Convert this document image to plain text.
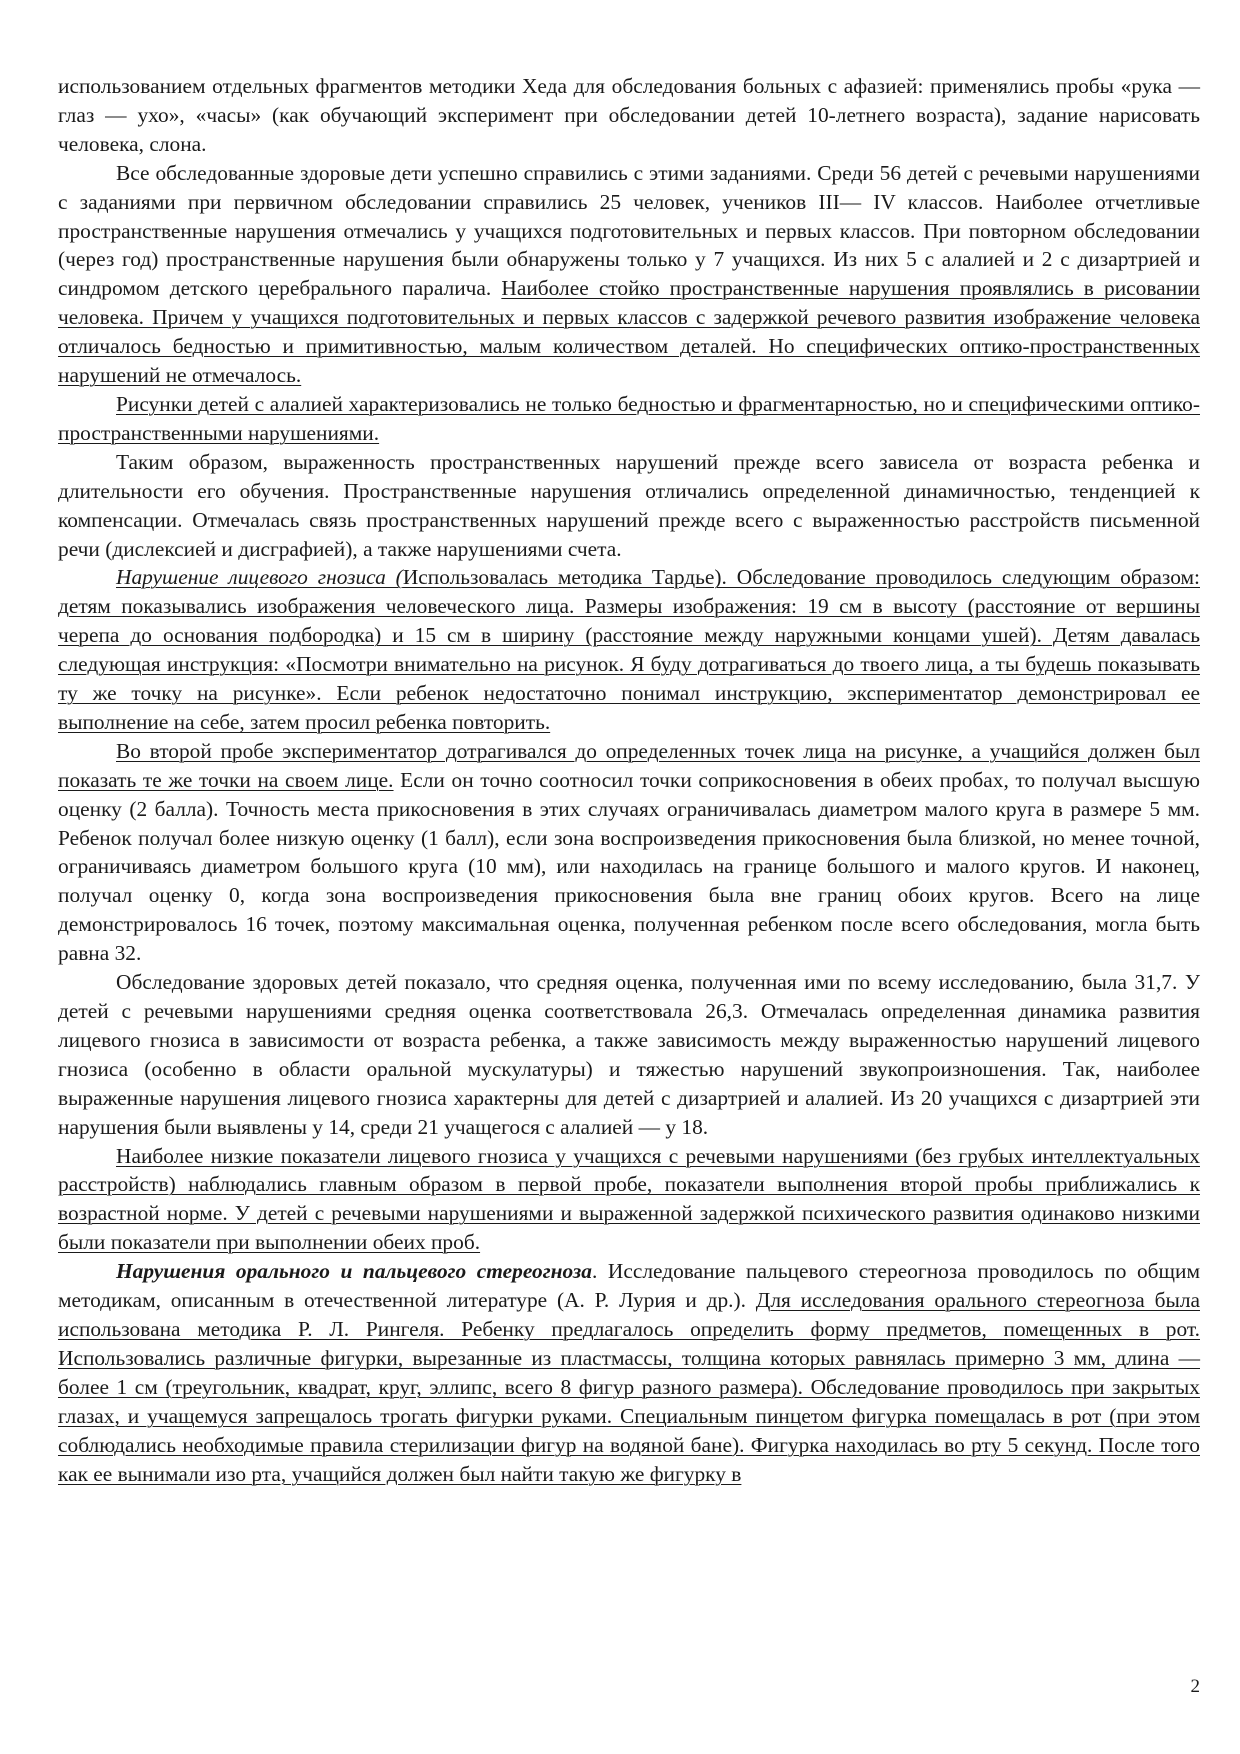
использованием отдельных фрагментов методики Хеда для обследования больных с афазией: применялись пробы «рука — глаз — ухо», «часы» (как обучающий эксперимент при обследовании детей 10-летнего возраста), задание нарисовать человека, слона.

Все обследованные здоровые дети успешно справились с этими заданиями. Среди 56 детей с речевыми нарушениями с заданиями при первичном обследовании справились 25 человек, учеников III— IV классов. Наиболее отчетливые пространственные нарушения отмечались у учащихся подготовительных и первых классов. При повторном обследовании (через год) пространственные нарушения были обнаружены только у 7 учащихся. Из них 5 с алалией и 2 с дизартрией и синдромом детского церебрального паралича. Наиболее стойко пространственные нарушения проявлялись в рисовании человека. Причем у учащихся подготовительных и первых классов с задержкой речевого развития изображение человека отличалось бедностью и примитивностью, малым количеством деталей. Но специфических оптико-пространственных нарушений не отмечалось.

Рисунки детей с алалией характеризовались не только бедностью и фрагментарностью, но и специфическими оптико-пространственными нарушениями.

Таким образом, выраженность пространственных нарушений прежде всего зависела от возраста ребенка и длительности его обучения. Пространственные нарушения отличались определенной динамичностью, тенденцией к компенсации. Отмечалась связь пространственных нарушений прежде всего с выраженностью расстройств письменной речи (дислексией и дисграфией), а также нарушениями счета.

Нарушение лицевого гнозиса (Использовалась методика Тардье). Обследование проводилось следующим образом: детям показывались изображения человеческого лица. Размеры изображения: 19 см в высоту (расстояние от вершины черепа до основания подбородка) и 15 см в ширину (расстояние между наружными концами ушей). Детям давалась следующая инструкция: «Посмотри внимательно на рисунок. Я буду дотрагиваться до твоего лица, а ты будешь показывать ту же точку на рисунке». Если ребенок недостаточно понимал инструкцию, экспериментатор демонстрировал ее выполнение на себе, затем просил ребенка повторить.

Во второй пробе экспериментатор дотрагивался до определенных точек лица на рисунке, а учащийся должен был показать те же точки на своем лице. Если он точно соотносил точки соприкосновения в обеих пробах, то получал высшую оценку (2 балла). Точность места прикосновения в этих случаях ограничивалась диаметром малого круга в размере 5 мм. Ребенок получал более низкую оценку (1 балл), если зона воспроизведения прикосновения была близкой, но менее точной, ограничиваясь диаметром большого круга (10 мм), или находилась на границе большого и малого кругов. И наконец, получал оценку 0, когда зона воспроизведения прикосновения была вне границ обоих кругов. Всего на лице демонстрировалось 16 точек, поэтому максимальная оценка, полученная ребенком после всего обследования, могла быть равна 32.

Обследование здоровых детей показало, что средняя оценка, полученная ими по всему исследованию, была 31,7. У детей с речевыми нарушениями средняя оценка соответствовала 26,3. Отмечалась определенная динамика развития лицевого гнозиса в зависимости от возраста ребенка, а также зависимость между выраженностью нарушений лицевого гнозиса (особенно в области оральной мускулатуры) и тяжестью нарушений звукопроизношения. Так, наиболее выраженные нарушения лицевого гнозиса характерны для детей с дизартрией и алалией. Из 20 учащихся с дизартрией эти нарушения были выявлены у 14, среди 21 учащегося с алалией — у 18.

Наиболее низкие показатели лицевого гнозиса у учащихся с речевыми нарушениями (без грубых интеллектуальных расстройств) наблюдались главным образом в первой пробе, показатели выполнения второй пробы приближались к возрастной норме. У детей с речевыми нарушениями и выраженной задержкой психического развития одинаково низкими были показатели при выполнении обеих проб.

Нарушения орального и пальцевого стереогноза. Исследование пальцевого стереогноза проводилось по общим методикам, описанным в отечественной литературе (А. Р. Лурия и др.). Для исследования орального стереогноза была использована методика Р. Л. Рингеля. Ребенку предлагалось определить форму предметов, помещенных в рот. Использовались различные фигурки, вырезанные из пластмассы, толщина которых равнялась примерно 3 мм, длина — более 1 см (треугольник, квадрат, круг, эллипс, всего 8 фигур разного размера). Обследование проводилось при закрытых глазах, и учащемуся запрещалось трогать фигурки руками. Специальным пинцетом фигурка помещалась в рот (при этом соблюдались необходимые правила стерилизации фигур на водяной бане). Фигурка находилась во рту 5 секунд. После того как ее вынимали изо рта, учащийся должен был найти такую же фигурку в

2
